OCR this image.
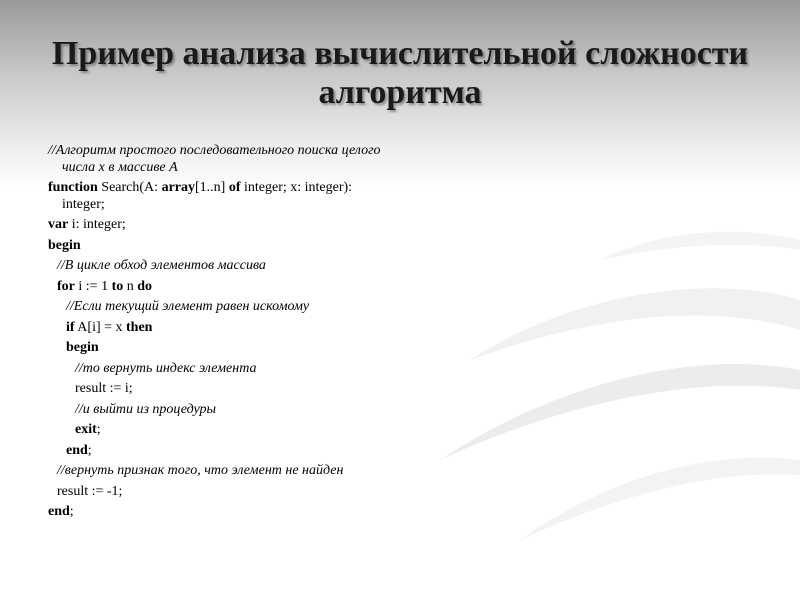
Пример анализа вычислительной сложности алгоритма
//Алгоритм простого последовательного поиска целого числа x в массиве A
function Search(A: array[1..n] of integer; x: integer): integer;
var i: integer;
begin
//В цикле обход элементов массива
for i := 1 to n do
//Если текущий элемент равен искомому
if A[i] = x then
begin
//то вернуть индекс элемента
result := i;
//и выйти из процедуры
exit;
end;
//вернуть признак того, что элемент не найден
result := -1;
end;
